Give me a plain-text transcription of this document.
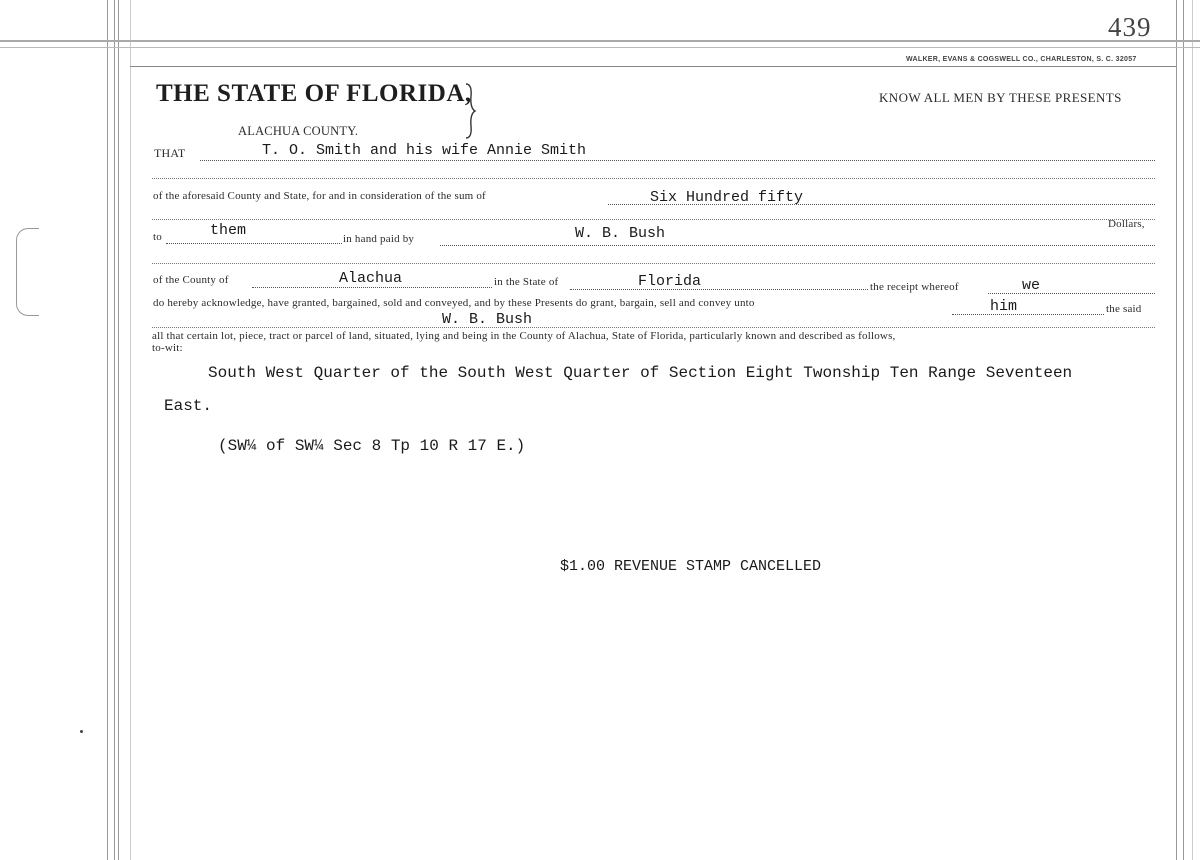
439
WALKER, EVANS & COGSWELL CO., CHARLESTON, S. C. 32057
THE STATE OF FLORIDA,	KNOW ALL MEN BY THESE PRESENTS
ALACHUA COUNTY.
THAT	T. O. Smith and his wife Annie Smith
of the aforesaid County and State, for and in consideration of the sum of	Six Hundred fifty
Dollars,
to	them	in hand paid by	W. B. Bush
of the County of	Alachua	in the State of	Florida	the receipt whereof	we
do hereby acknowledge, have granted, bargained, sold and conveyed, and by these Presents do grant, bargain, sell and convey unto	him	the said
W. B. Bush
all that certain lot, piece, tract or parcel of land, situated, lying and being in the County of Alachua, State of Florida, particularly known and described as follows,
to-wit:
South West Quarter of the South West Quarter of Section Eight Twonship Ten Range Seventeen
East.
(SW¼ of SW¼ Sec 8 Tp 10 R 17 E.)
$1.00 REVENUE STAMP CANCELLED
